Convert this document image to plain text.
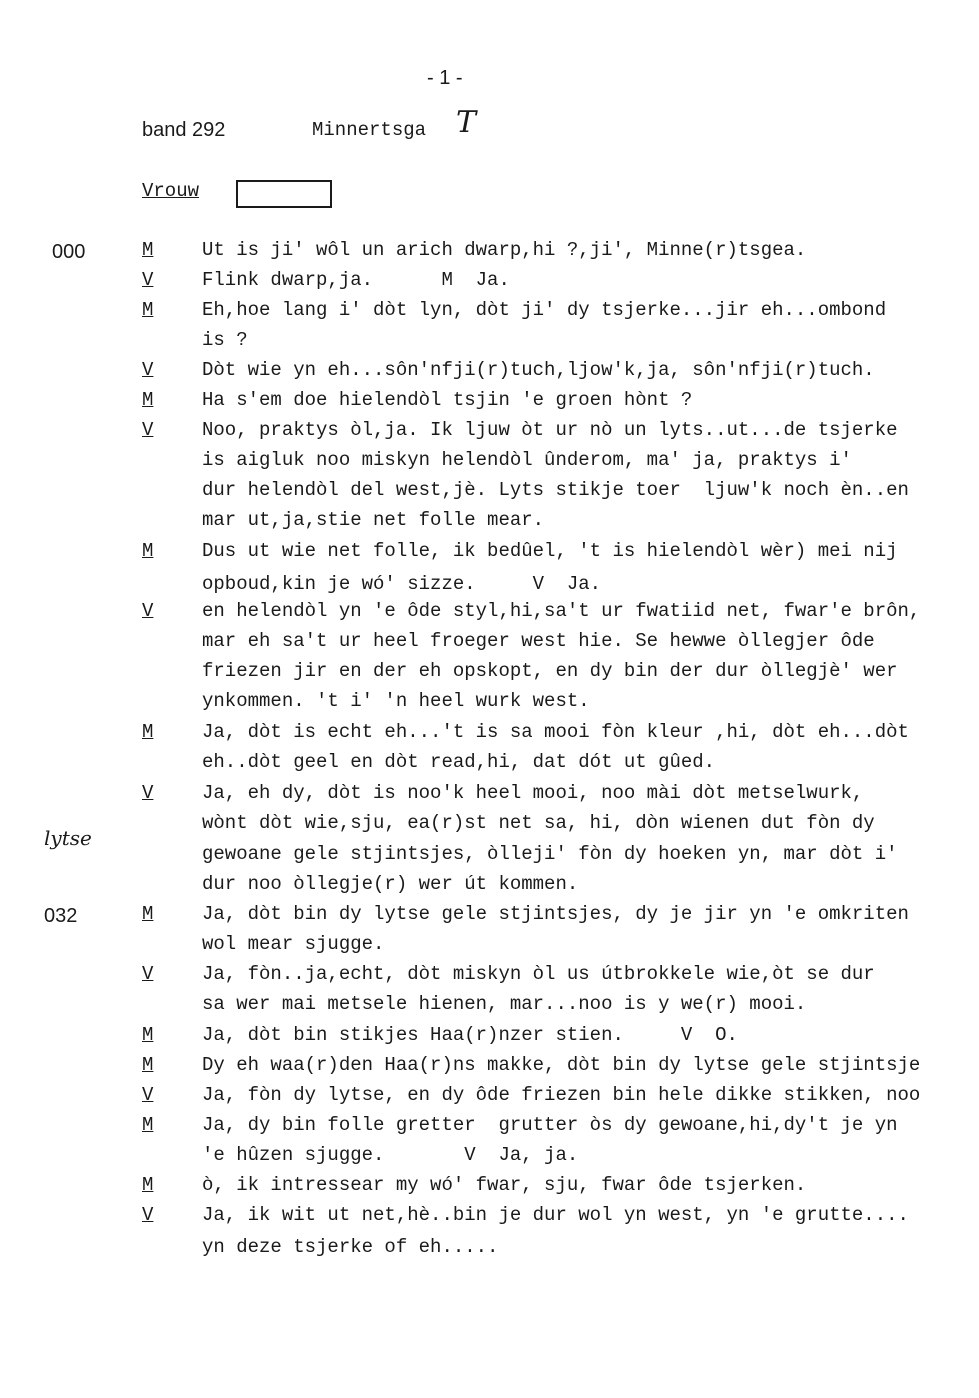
- 1 -
band 292	Minnertsga T
Vrouw
000
032
lytse
M	Ut is ji' wôl un arich dwarp,hi ?,ji', Minne(r)tsgea.
V	Flink dwarp,ja.      M  Ja.
M	Eh,hoe lang i' dòt lyn, dòt ji' dy tsjerke...jir eh...ombond
is ?
V	Dòt wie yn eh...sôn'nfji(r)tuch,ljow'k,ja, sôn'nfji(r)tuch.
M	Ha s'em doe hielendòl tsjin 'e groen hònt ?
V	Noo, praktys òl,ja. Ik ljuw òt ur nò un lyts..ut...de tsjerke
is aigluk noo miskyn helendòl ûnderom, ma' ja, praktys i'
dur helendòl del west,jè. Lyts stikje toer  ljuw'k noch èn..en
mar ut,ja,stie net folle mear.
M	Dus ut wie net folle, ik bedûel, 't is hielendòl wèr) mei nij
opboud,kin je wó' sizze.     V  Ja.
V	en helendòl yn 'e ôde styl,hi,sa't ur fwatiid net, fwar'e brôn,
mar eh sa't ur heel froeger west hie. Se hewwe òllegjer ôde
friezen jir en der eh opskopt, en dy bin der dur òllegjè' wer
ynkommen. 't i' 'n heel wurk west.
M	Ja, dòt is echt eh...'t is sa mooi fòn kleur ,hi, dòt eh...dòt
eh..dòt geel en dòt read,hi, dat dót ut gûed.
V	Ja, eh dy, dòt is noo'k heel mooi, noo mài dòt metselwurk,
wònt dòt wie,sju, ea(r)st net sa, hi, dòn wienen dut fòn dy
gewoane gele stjintsjes, òlleji' fòn dy hoeken yn, mar dòt i'
dur noo òllegje(r) wer út kommen.
M	Ja, dòt bin dy lytse gele stjintsjes, dy je jir yn 'e omkriten
wol mear sjugge.
V	Ja, fòn..ja,echt, dòt miskyn òl us útbrokkele wie,òt se dur
sa wer mai metsele hienen, mar...noo is y we(r) mooi.
M	Ja, dòt bin stikjes Haa(r)nzer stien.     V  O.
M	Dy eh waa(r)den Haa(r)ns makke, dòt bin dy lytse gele stjintsje
V	Ja, fòn dy lytse, en dy ôde friezen bin hele dikke stikken, noo
M	Ja, dy bin folle gretter  grutter òs dy gewoane,hi,dy't je yn
'e hûzen sjugge.       V  Ja, ja.
M	ò, ik intressear my wó' fwar, sju, fwar ôde tsjerken.
V	Ja, ik wit ut net,hè..bin je dur wol yn west, yn 'e grutte....
yn deze tsjerke of eh.....
